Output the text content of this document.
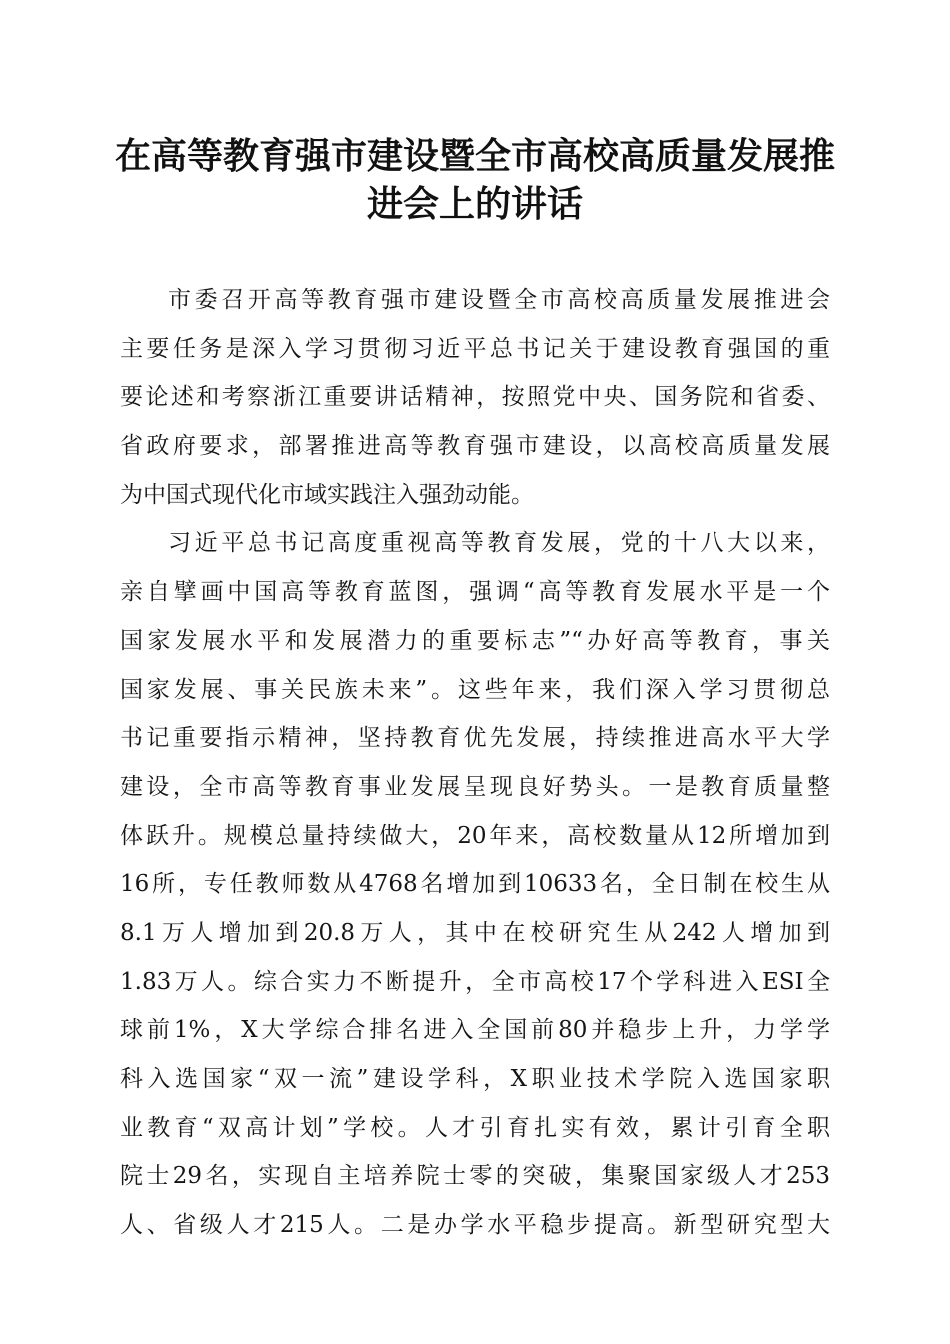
在高等教育强市建设暨全市高校高质量发展推
进会上的讲话

市委召开高等教育强市建设暨全市高校高质量发展推进会
主要任务是深入学习贯彻习近平总书记关于建设教育强国的重
要论述和考察浙江重要讲话精神，按照党中央、国务院和省委、
省政府要求，部署推进高等教育强市建设，以高校高质量发展
为中国式现代化市域实践注入强劲动能。

习近平总书记高度重视高等教育发展，党的十八大以来，
亲自擘画中国高等教育蓝图，强调“高等教育发展水平是一个
国家发展水平和发展潜力的重要标志”“办好高等教育，事关
国家发展、事关民族未来”。这些年来，我们深入学习贯彻总
书记重要指示精神，坚持教育优先发展，持续推进高水平大学
建设，全市高等教育事业发展呈现良好势头。一是教育质量整
体跃升。规模总量持续做大，20年来，高校数量从12所增加到
16所，专任教师数从4768名增加到10633名，全日制在校生从
8.1万人增加到20.8万人，其中在校研究生从242人增加到
1.83万人。综合实力不断提升，全市高校17个学科进入ESI全
球前1%，X大学综合排名进入全国前80并稳步上升，力学学
科入选国家“双一流”建设学科，X职业技术学院入选国家职
业教育“双高计划”学校。人才引育扎实有效，累计引育全职
院士29名，实现自主培养院士零的突破，集聚国家级人才253
人、省级人才215人。二是办学水平稳步提高。新型研究型大
